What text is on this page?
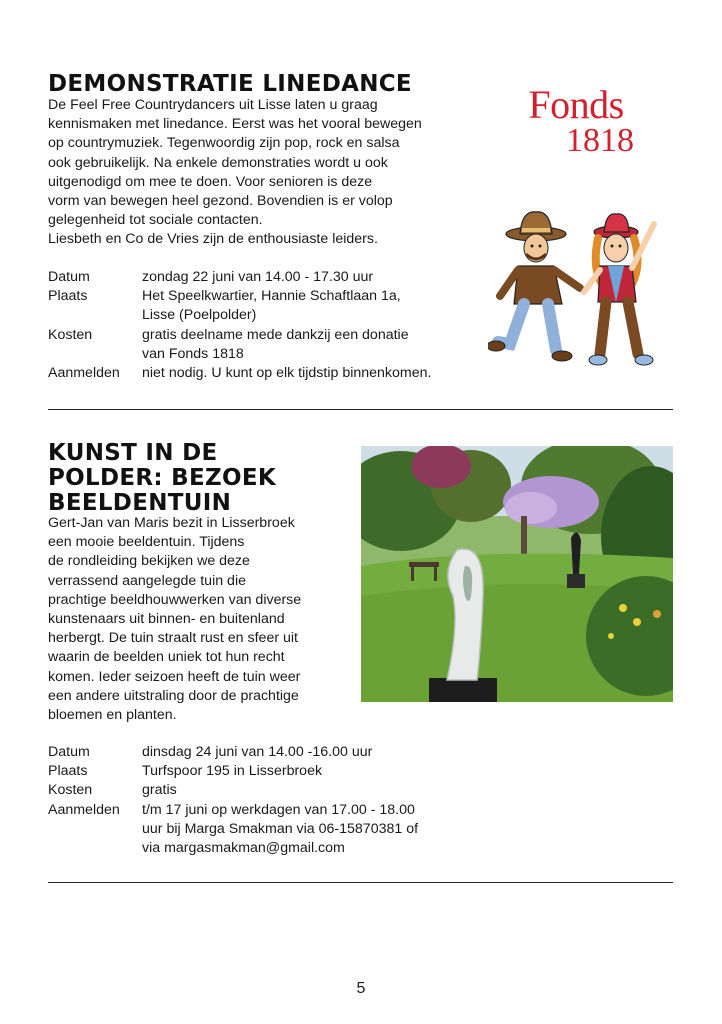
DEMONSTRATIE LINEDANCE
De Feel Free Countrydancers uit Lisse laten u graag
kennismaken met linedance. Eerst was het vooral bewegen
op countrymuziek. Tegenwoordig zijn pop, rock en salsa
ook gebruikelijk. Na enkele demonstraties wordt u ook
uitgenodigd om mee te doen. Voor senioren is deze
vorm van bewegen heel gezond. Bovendien is er volop
gelegenheid tot sociale contacten.
Liesbeth en Co de Vries zijn de enthousiaste leiders.
Datum	zondag 22 juni van 14.00 - 17.30 uur
Plaats	Het Speelkwartier, Hannie Schaftlaan 1a,
Lisse (Poelpolder)
Kosten	gratis deelname mede dankzij een donatie
van Fonds 1818
Aanmelden niet nodig. U kunt op elk tijdstip binnenkomen.
Fonds
1818
KUNST IN DE
POLDER: BEZOEK
BEELDENTUIN
Gert-Jan van Maris bezit in Lisserbroek
een mooie beeldentuin. Tijdens
de rondleiding bekijken we deze
verrassend aangelegde tuin die
prachtige beeldhouwwerken van diverse
kunstenaars uit binnen- en buitenland
herbergt. De tuin straalt rust en sfeer uit
waarin de beelden uniek tot hun recht
komen. Ieder seizoen heeft de tuin weer
een andere uitstraling door de prachtige
bloemen en planten.
Datum	dinsdag 24 juni van 14.00 -16.00 uur
Plaats	Turfspoor 195 in Lisserbroek
Kosten	gratis
Aanmelden t/m 17 juni op werkdagen van 17.00 - 18.00
uur bij Marga Smakman via 06-15870381 of
via margasmakman@gmail.com
5
